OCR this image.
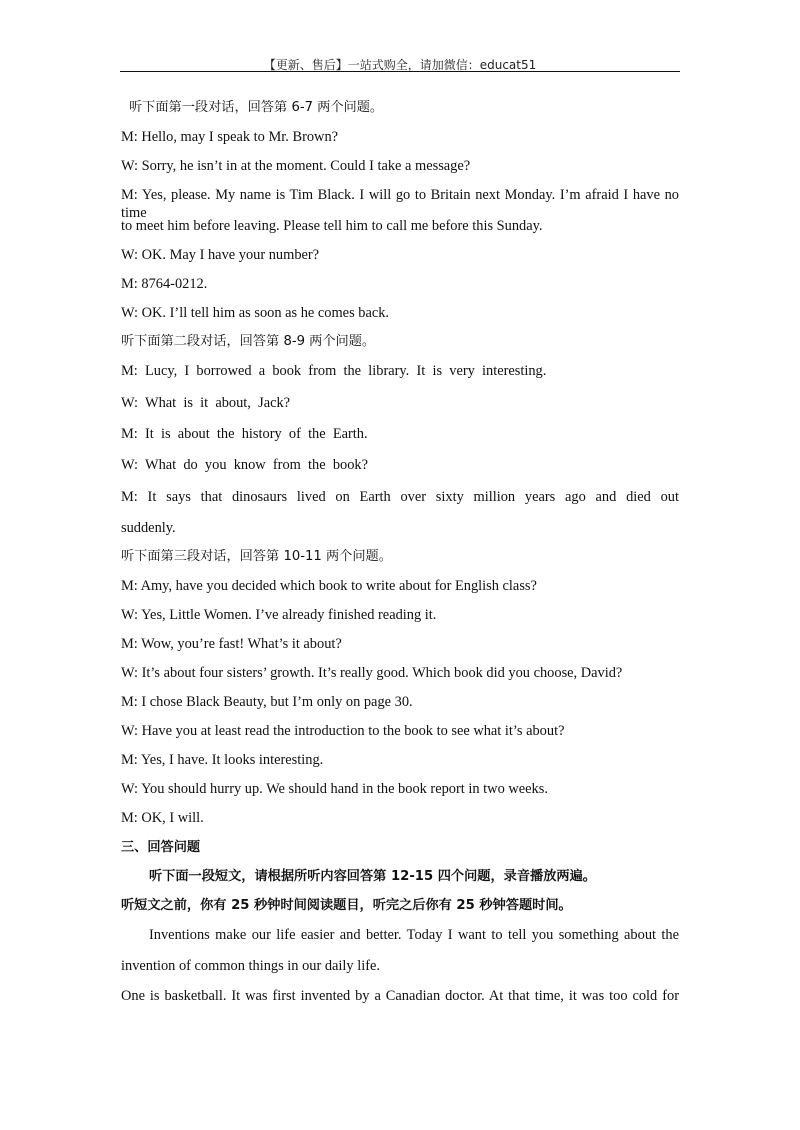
【更新、售后】一站式购全，请加微信：educat51
听下面第一段对话，回答第 6-7 两个问题。
M: Hello, may I speak to Mr. Brown?
W: Sorry, he isn’t in at the moment. Could I take a message?
M: Yes, please. My name is Tim Black. I will go to Britain next Monday. I’m afraid I have no time
to meet him before leaving. Please tell him to call me before this Sunday.
W: OK. May I have your number?
M: 8764-0212.
W: OK. I’ll tell him as soon as he comes back.
听下面第二段对话，回答第 8-9 两个问题。
M:  Lucy,  I  borrowed  a  book  from  the  library.  It  is  very  interesting.
W:  What  is  it  about,  Jack?
M:  It  is  about  the  history  of  the  Earth.
W:  What  do  you  know  from  the  book?
M: It says that dinosaurs lived on Earth over sixty million years ago and died out
suddenly.
听下面第三段对话，回答第 10-11 两个问题。
M: Amy, have you decided which book to write about for English class?
W: Yes, Little Women. I’ve already finished reading it.
M: Wow, you’re fast! What’s it about?
W: It’s about four sisters’ growth. It’s really good. Which book did you choose, David?
M: I chose Black Beauty, but I’m only on page 30.
W: Have you at least read the introduction to the book to see what it’s about?
M: Yes, I have. It looks interesting.
W: You should hurry up. We should hand in the book report in two weeks.
M: OK, I will.
三、回答问题
听下面一段短文，请根据所听内容回答第 12-15 四个问题，录音播放两遍。
听短文之前，你有 25 秒钟时间阅读题目，听完之后你有 25 秒钟答题时间。
Inventions make our life easier and better. Today I want to tell you something about the
invention of common things in our daily life.
One is basketball. It was first invented by a Canadian doctor. At that time, it was too cold for
